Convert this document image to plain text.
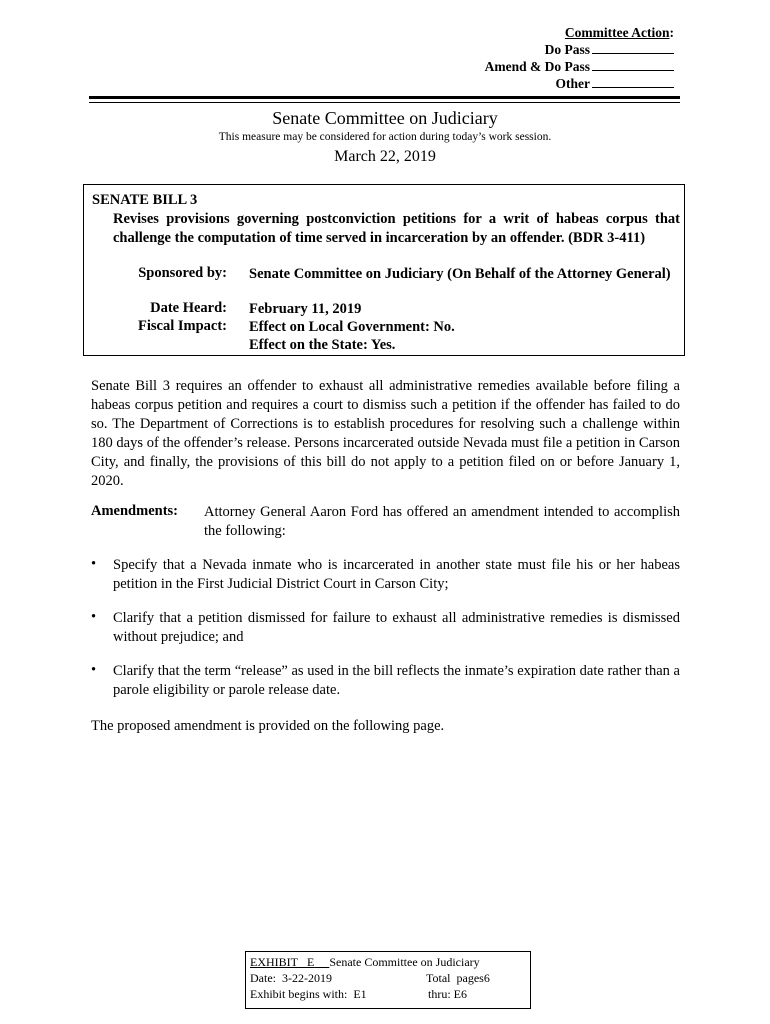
Committee Action:
Do Pass
Amend & Do Pass
Other
Senate Committee on Judiciary
This measure may be considered for action during today’s work session.
March 22, 2019
SENATE BILL 3
Revises provisions governing postconviction petitions for a writ of habeas corpus that challenge the computation of time served in incarceration by an offender. (BDR 3-411)
Sponsored by: Senate Committee on Judiciary (On Behalf of the Attorney General)
Date Heard: February 11, 2019
Fiscal Impact: Effect on Local Government: No.
Effect on the State: Yes.
Senate Bill 3 requires an offender to exhaust all administrative remedies available before filing a habeas corpus petition and requires a court to dismiss such a petition if the offender has failed to do so. The Department of Corrections is to establish procedures for resolving such a challenge within 180 days of the offender’s release. Persons incarcerated outside Nevada must file a petition in Carson City, and finally, the provisions of this bill do not apply to a petition filed on or before January 1, 2020.
Amendments: Attorney General Aaron Ford has offered an amendment intended to accomplish the following:
• Specify that a Nevada inmate who is incarcerated in another state must file his or her habeas petition in the First Judicial District Court in Carson City;
• Clarify that a petition dismissed for failure to exhaust all administrative remedies is dismissed without prejudice; and
• Clarify that the term “release” as used in the bill reflects the inmate’s expiration date rather than a parole eligibility or parole release date.
The proposed amendment is provided on the following page.
EXHIBIT E Senate Committee on Judiciary
Date: 3-22-2019	Total pages6
Exhibit begins with: E1	thru: E6
